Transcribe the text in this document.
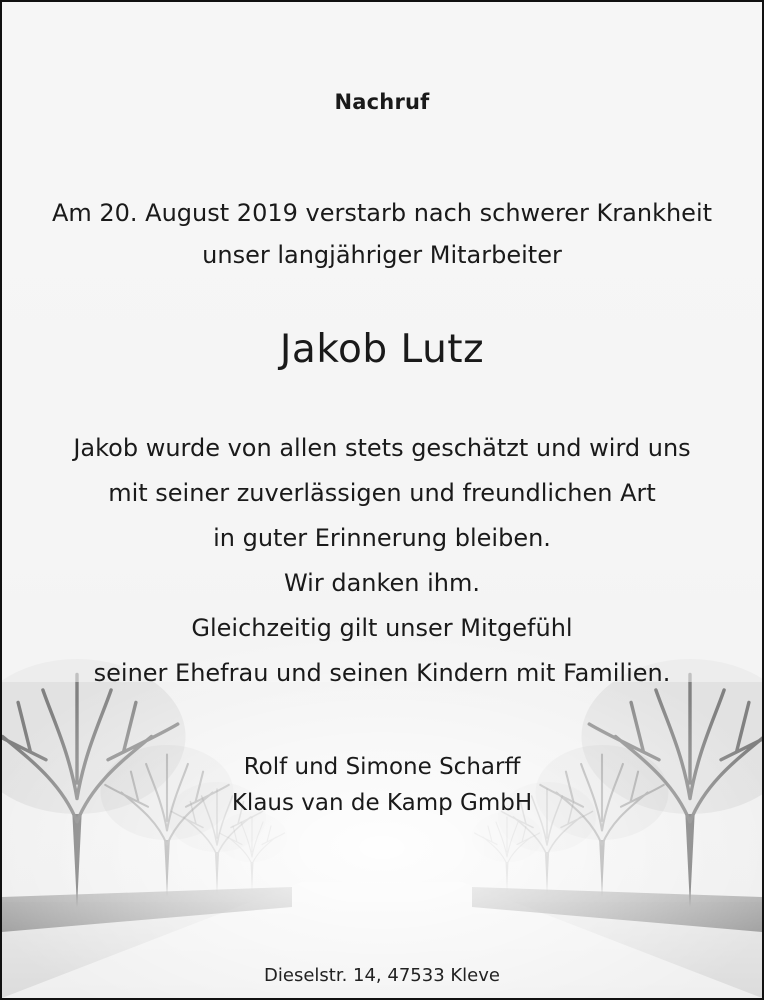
Nachruf

Am 20. August 2019 verstarb nach schwerer Krankheit
unser langjähriger Mitarbeiter

Jakob Lutz

Jakob wurde von allen stets geschätzt und wird uns
mit seiner zuverlässigen und freundlichen Art
in guter Erinnerung bleiben.
Wir danken ihm.
Gleichzeitig gilt unser Mitgefühl
seiner Ehefrau und seinen Kindern mit Familien.
Rolf und Simone Scharff
Klaus van de Kamp GmbH

Dieselstr. 14, 47533 Kleve
